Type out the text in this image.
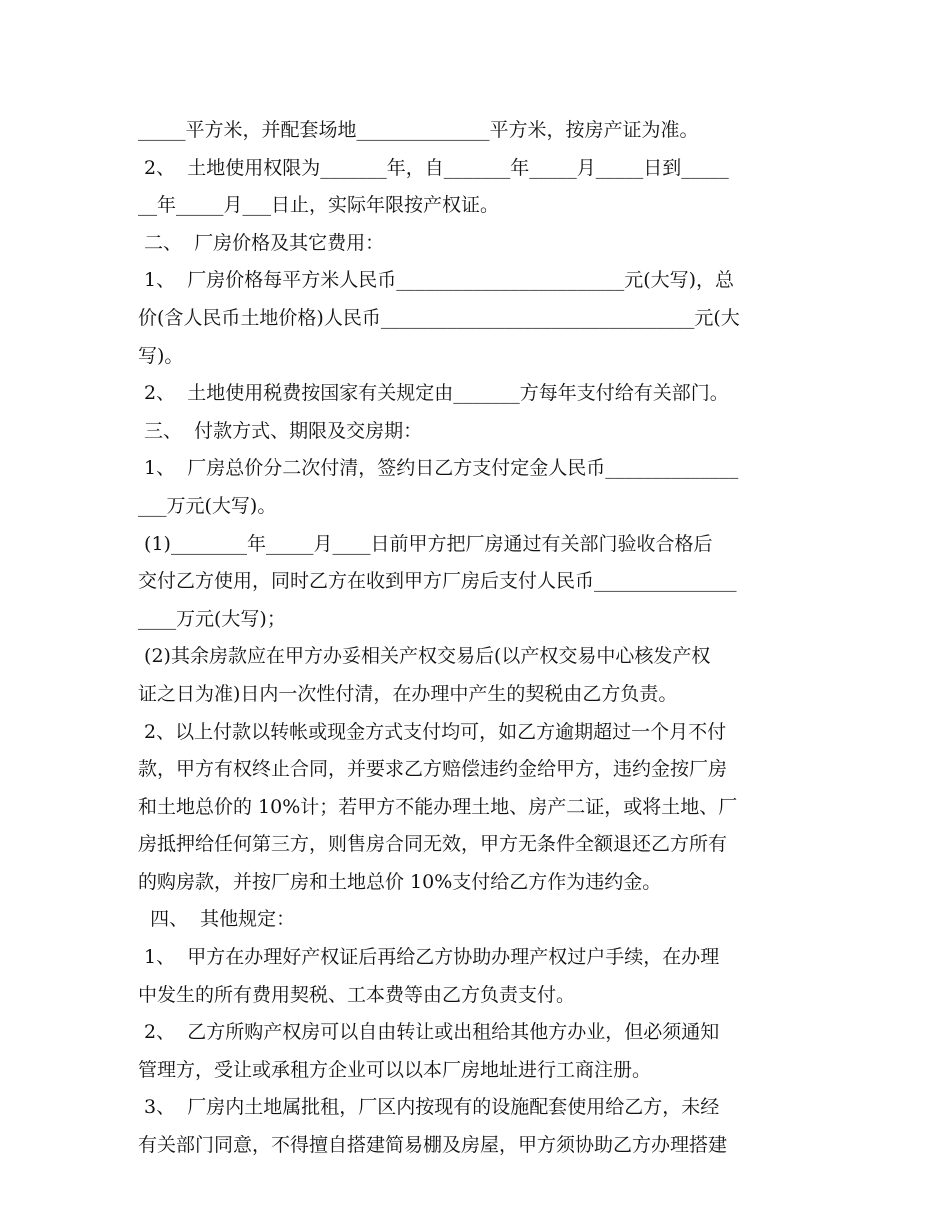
_____平方米，并配套场地______________平方米，按房产证为准。
2、  土地使用权限为_______年，自_______年_____月_____日到_____
__年_____月___日止，实际年限按产权证。
二、  厂房价格及其它费用：
1、  厂房价格每平方米人民币________________________元(大写)，总
价(含人民币土地价格)人民币_________________________________元(大
写)。
2、  土地使用税费按国家有关规定由_______方每年支付给有关部门。
三、  付款方式、期限及交房期：
1、  厂房总价分二次付清，签约日乙方支付定金人民币______________
___万元(大写)。
(1)________年_____月____日前甲方把厂房通过有关部门验收合格后
交付乙方使用，同时乙方在收到甲方厂房后支付人民币_______________
____万元(大写)；
(2)其余房款应在甲方办妥相关产权交易后(以产权交易中心核发产权
证之日为准)日内一次性付清，在办理中产生的契税由乙方负责。
2、以上付款以转帐或现金方式支付均可，如乙方逾期超过一个月不付
款，甲方有权终止合同，并要求乙方赔偿违约金给甲方，违约金按厂房
和土地总价的 10%计；若甲方不能办理土地、房产二证，或将土地、厂
房抵押给任何第三方，则售房合同无效，甲方无条件全额退还乙方所有
的购房款，并按厂房和土地总价 10%支付给乙方作为违约金。
四、  其他规定：
1、  甲方在办理好产权证后再给乙方协助办理产权过户手续，在办理
中发生的所有费用契税、工本费等由乙方负责支付。
2、  乙方所购产权房可以自由转让或出租给其他方办业，但必须通知
管理方，受让或承租方企业可以以本厂房地址进行工商注册。
3、  厂房内土地属批租，厂区内按现有的设施配套使用给乙方，未经
有关部门同意，不得擅自搭建简易棚及房屋，甲方须协助乙方办理搭建
